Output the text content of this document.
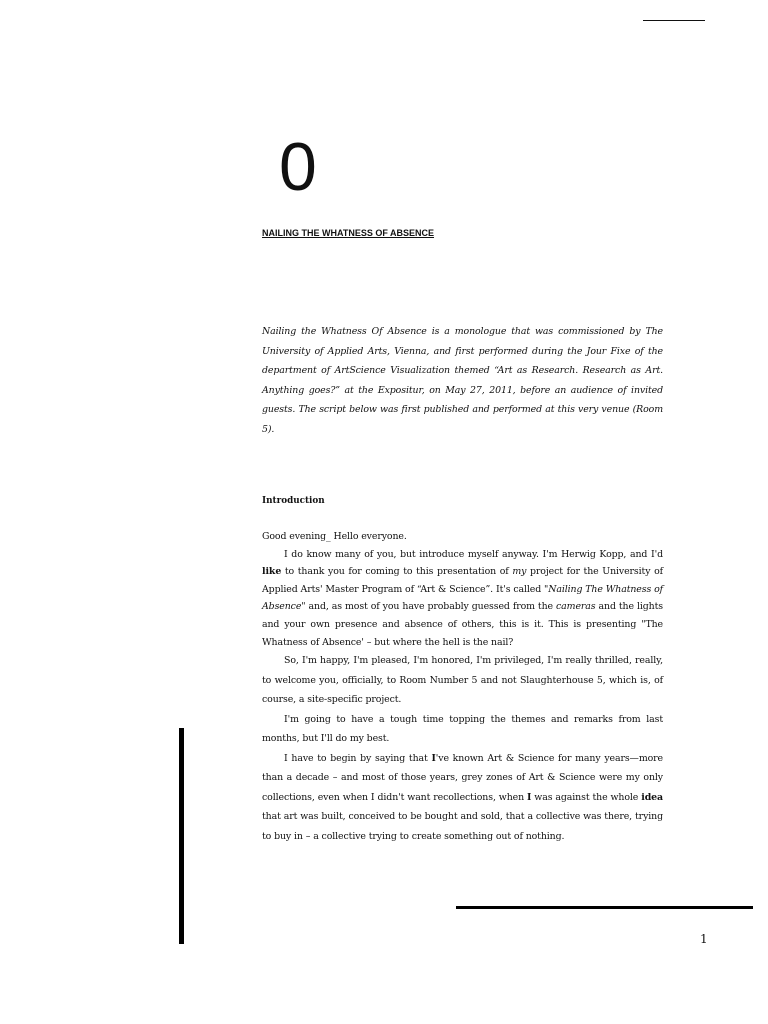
0
NAILING THE WHATNESS OF ABSENCE

Nailing the Whatness Of Absence is a monologue that was commissioned by The University of Applied Arts, Vienna, and first performed during the Jour Fixe of the department of ArtScience Visualization themed “Art as Research. Research as Art. Anything goes?” at the Expositur, on May 27, 2011, before an audience of invited guests. The script below was first published and performed at this very venue (Room 5).

Introduction

Good evening_ Hello everyone.

I do know many of you, but introduce myself anyway. I'm Herwig Kopp, and I'd like to thank you for coming to this presentation of my project for the University of Applied Arts' Master Program of “Art & Science”. It's called "Nailing The Whatness of Absence" and, as most of you have probably guessed from the cameras and the lights and your own presence and absence of others, this is it. This is presenting "The Whatness of Absence' – but where the hell is the nail?

So, I'm happy, I'm pleased, I'm honored, I'm privileged, I'm really thrilled, really, to welcome you, officially, to Room Number 5 and not Slaughterhouse 5, which is, of course, a site-specific project.

I'm going to have a tough time topping the themes and remarks from last months, but I'll do my best.

I have to begin by saying that I've known Art & Science for many years—more than a decade – and most of those years, grey zones of Art & Science were my only collections, even when I didn't want recollections, when I was against the whole idea that art was built, conceived to be bought and sold, that a collective was there, trying to buy in – a collective trying to create something out of nothing.

1
